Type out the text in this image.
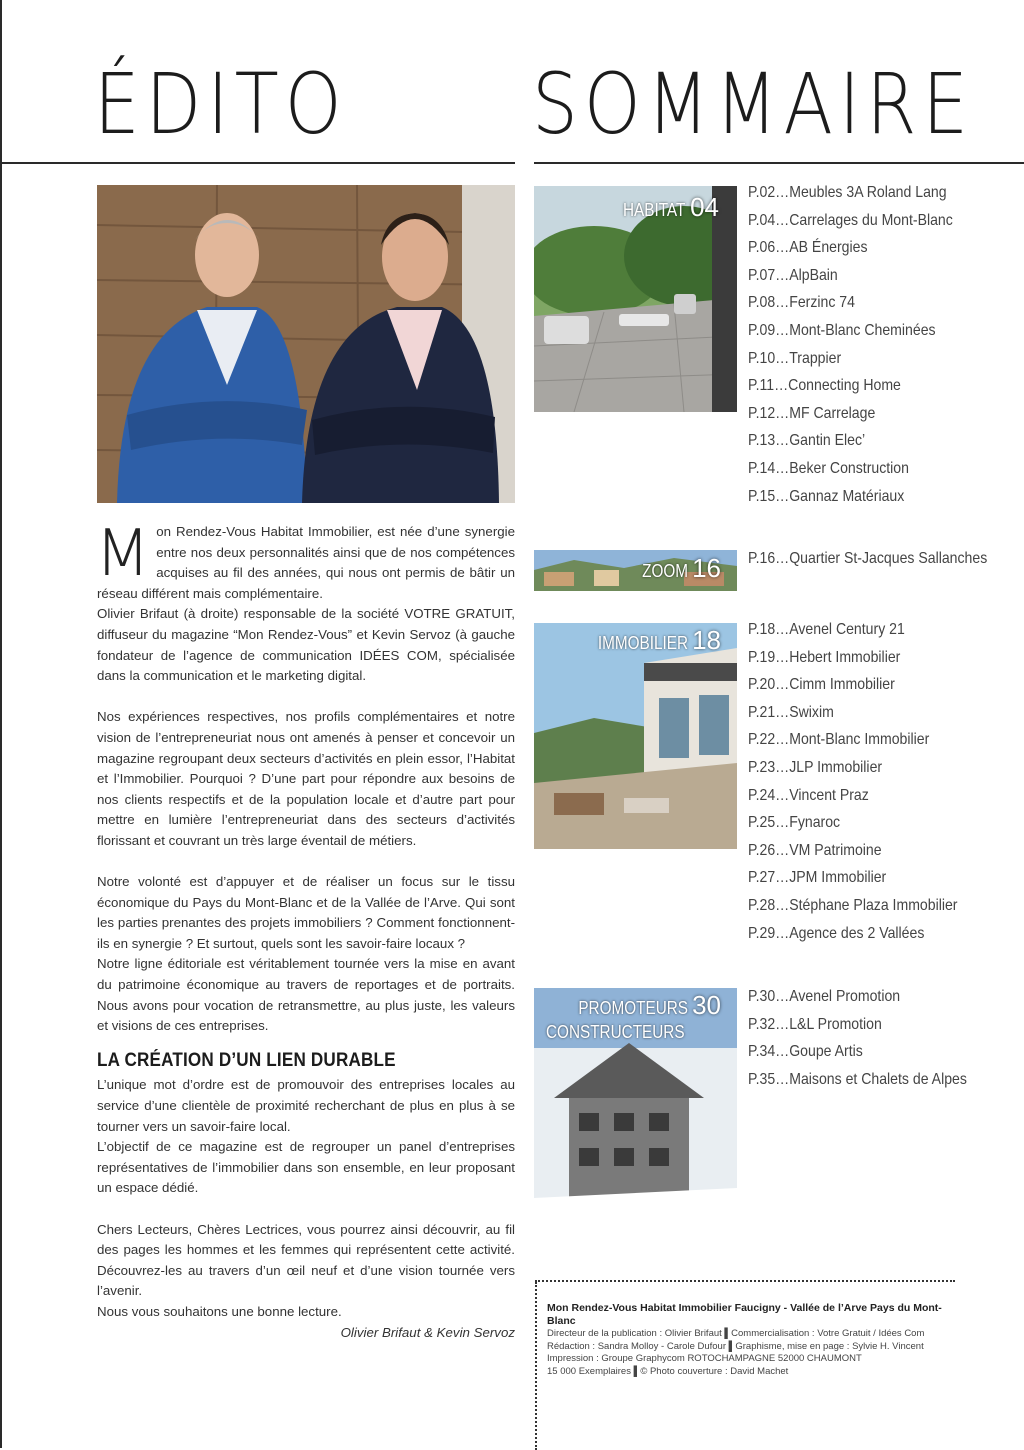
ÉDITO SOMMAIRE

Mon Rendez-Vous Habitat Immobilier, est née d’une synergie entre nos deux personnalités ainsi que de nos compétences acquises au fil des années, qui nous ont permis de bâtir un réseau différent mais complémentaire.

Olivier Brifaut (à droite) responsable de la société VOTRE GRATUIT, diffuseur du magazine “Mon Rendez-Vous” et Kevin Servoz (à gauche fondateur de l’agence de communication IDÉES COM, spécialisée dans la communication et le marketing digital.

Nos expériences respectives, nos profils complémentaires et notre vision de l’entrepreneuriat nous ont amenés à penser et concevoir un magazine regroupant deux secteurs d’activités en plein essor, l’Habitat et l’Immobilier. Pourquoi ? D’une part pour répondre aux besoins de nos clients respectifs et de la population locale et d’autre part pour mettre en lumière l’entrepreneuriat dans des secteurs d’activités florissant et couvrant un très large éventail de métiers.

Notre volonté est d’appuyer et de réaliser un focus sur le tissu économique du Pays du Mont-Blanc et de la Vallée de l’Arve. Qui sont les parties prenantes des projets immobiliers ? Comment fonctionnent-ils en synergie ? Et surtout, quels sont les savoir-faire locaux ?

Notre ligne éditoriale est véritablement tournée vers la mise en avant du patrimoine économique au travers de reportages et de portraits. Nous avons pour vocation de retransmettre, au plus juste, les valeurs et visions de ces entreprises.

LA CRÉATION D’UN LIEN DURABLE

L’unique mot d’ordre est de promouvoir des entreprises locales au service d’une clientèle de proximité recherchant de plus en plus à se tourner vers un savoir-faire local.

L’objectif de ce magazine est de regrouper un panel d’entreprises représentatives de l’immobilier dans son ensemble, en leur proposant un espace dédié.

Chers Lecteurs, Chères Lectrices, vous pourrez ainsi découvrir, au fil des pages les hommes et les femmes qui représentent cette activité. Découvrez-les au travers d’un œil neuf et d’une vision tournée vers l’avenir.

Nous vous souhaitons une bonne lecture.

Olivier Brifaut & Kevin Servoz

HABITAT 04 P.02…Meubles 3A Roland Lang
P.04…Carrelages du Mont-Blanc
P.06…AB Énergies
P.07…AlpBain
P.08…Ferzinc 74
P.09…Mont-Blanc Cheminées
P.10…Trappier
P.11…Connecting Home
P.12…MF Carrelage
P.13…Gantin Elec’
P.14…Beker Construction
P.15…Gannaz Matériaux
ZOOM 16 P.16…Quartier St-Jacques Sallanches
IMMOBILIER 18 P.18…Avenel Century 21
P.19…Hebert Immobilier
P.20…Cimm Immobilier
P.21…Swixim
P.22…Mont-Blanc Immobilier
P.23…JLP Immobilier
P.24…Vincent Praz
P.25…Fynaroc
P.26…VM Patrimoine
P.27…JPM Immobilier
P.28…Stéphane Plaza Immobilier
P.29…Agence des 2 Vallées
PROMOTEURS 30
CONSTRUCTEURS
P.30…Avenel Promotion
P.32…L&L Promotion
P.34…Goupe Artis
P.35…Maisons et Chalets de Alpes
Mon Rendez-Vous Habitat Immobilier Faucigny - Vallée de l’Arve Pays du Mont-Blanc
Directeur de la publication : Olivier Brifaut ▌Commercialisation : Votre Gratuit / Idées Com
Rédaction : Sandra Molloy - Carole Dufour ▌Graphisme, mise en page : Sylvie H. Vincent
Impression : Groupe Graphycom ROTOCHAMPAGNE 52000 CHAUMONT
15 000 Exemplaires ▌© Photo couverture : David Machet
